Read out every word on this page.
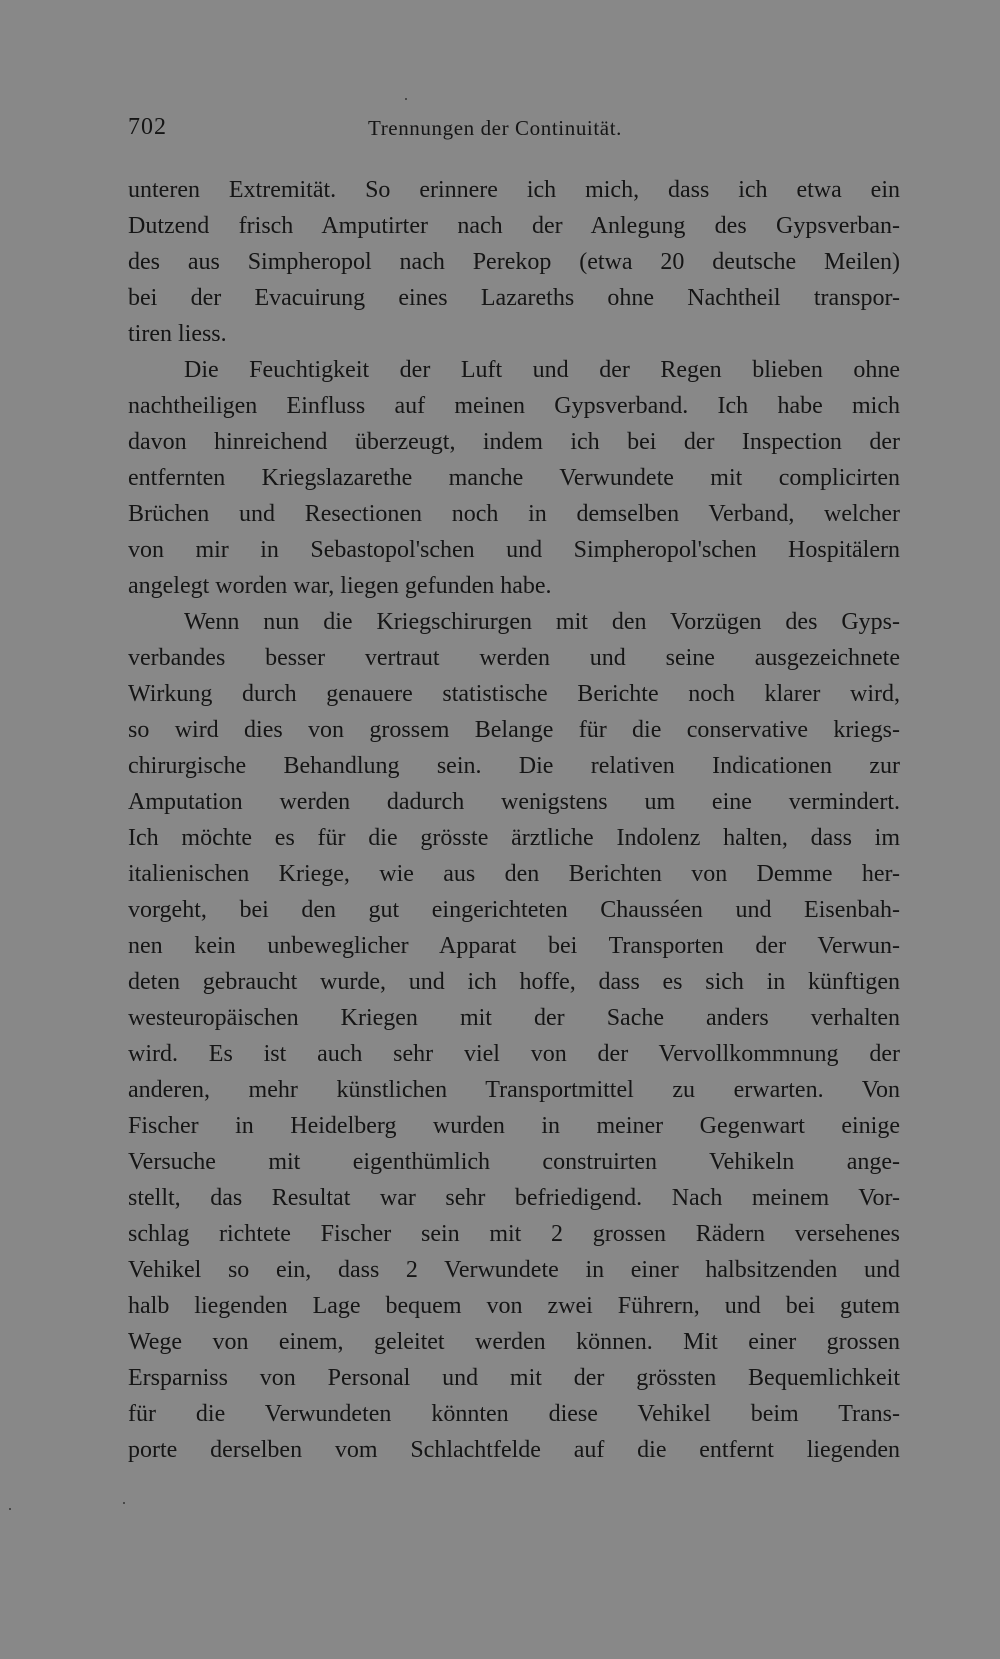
702	Trennungen der Continuität.
unteren Extremität. So erinnere ich mich, dass ich etwa ein
Dutzend frisch Amputirter nach der Anlegung des Gypsverban-
des aus Simpheropol nach Perekop (etwa 20 deutsche Meilen)
bei der Evacuirung eines Lazareths ohne Nachtheil transpor-
tiren liess.
Die Feuchtigkeit der Luft und der Regen blieben ohne
nachtheiligen Einfluss auf meinen Gypsverband. Ich habe mich
davon hinreichend überzeugt, indem ich bei der Inspection der
entfernten Kriegslazarethe manche Verwundete mit complicirten
Brüchen und Resectionen noch in demselben Verband, welcher
von mir in Sebastopol'schen und Simpheropol'schen Hospitälern
angelegt worden war, liegen gefunden habe.
Wenn nun die Kriegschirurgen mit den Vorzügen des Gyps-
verbandes besser vertraut werden und seine ausgezeichnete
Wirkung durch genauere statistische Berichte noch klarer wird,
so wird dies von grossem Belange für die conservative kriegs-
chirurgische Behandlung sein. Die relativen Indicationen zur
Amputation werden dadurch wenigstens um eine vermindert.
Ich möchte es für die grösste ärztliche Indolenz halten, dass im
italienischen Kriege, wie aus den Berichten von Demme her-
vorgeht, bei den gut eingerichteten Chausséen und Eisenbah-
nen kein unbeweglicher Apparat bei Transporten der Verwun-
deten gebraucht wurde, und ich hoffe, dass es sich in künftigen
westeuropäischen Kriegen mit der Sache anders verhalten
wird. Es ist auch sehr viel von der Vervollkommnung der
anderen, mehr künstlichen Transportmittel zu erwarten. Von
Fischer in Heidelberg wurden in meiner Gegenwart einige
Versuche mit eigenthümlich construirten Vehikeln ange-
stellt, das Resultat war sehr befriedigend. Nach meinem Vor-
schlag richtete Fischer sein mit 2 grossen Rädern versehenes
Vehikel so ein, dass 2 Verwundete in einer halbsitzenden und
halb liegenden Lage bequem von zwei Führern, und bei gutem
Wege von einem, geleitet werden können. Mit einer grossen
Ersparniss von Personal und mit der grössten Bequemlichkeit
für die Verwundeten könnten diese Vehikel beim Trans-
porte derselben vom Schlachtfelde auf die entfernt liegenden
